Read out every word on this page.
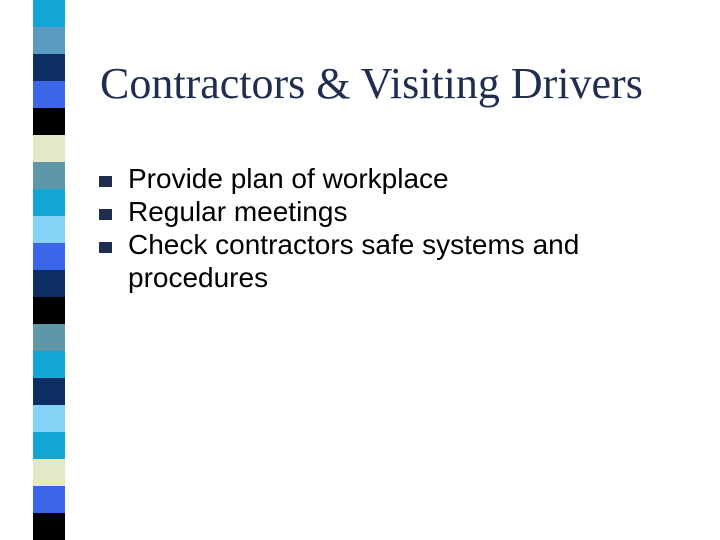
Contractors & Visiting Drivers
Provide plan of workplace
Regular meetings
Check contractors safe systems and procedures
